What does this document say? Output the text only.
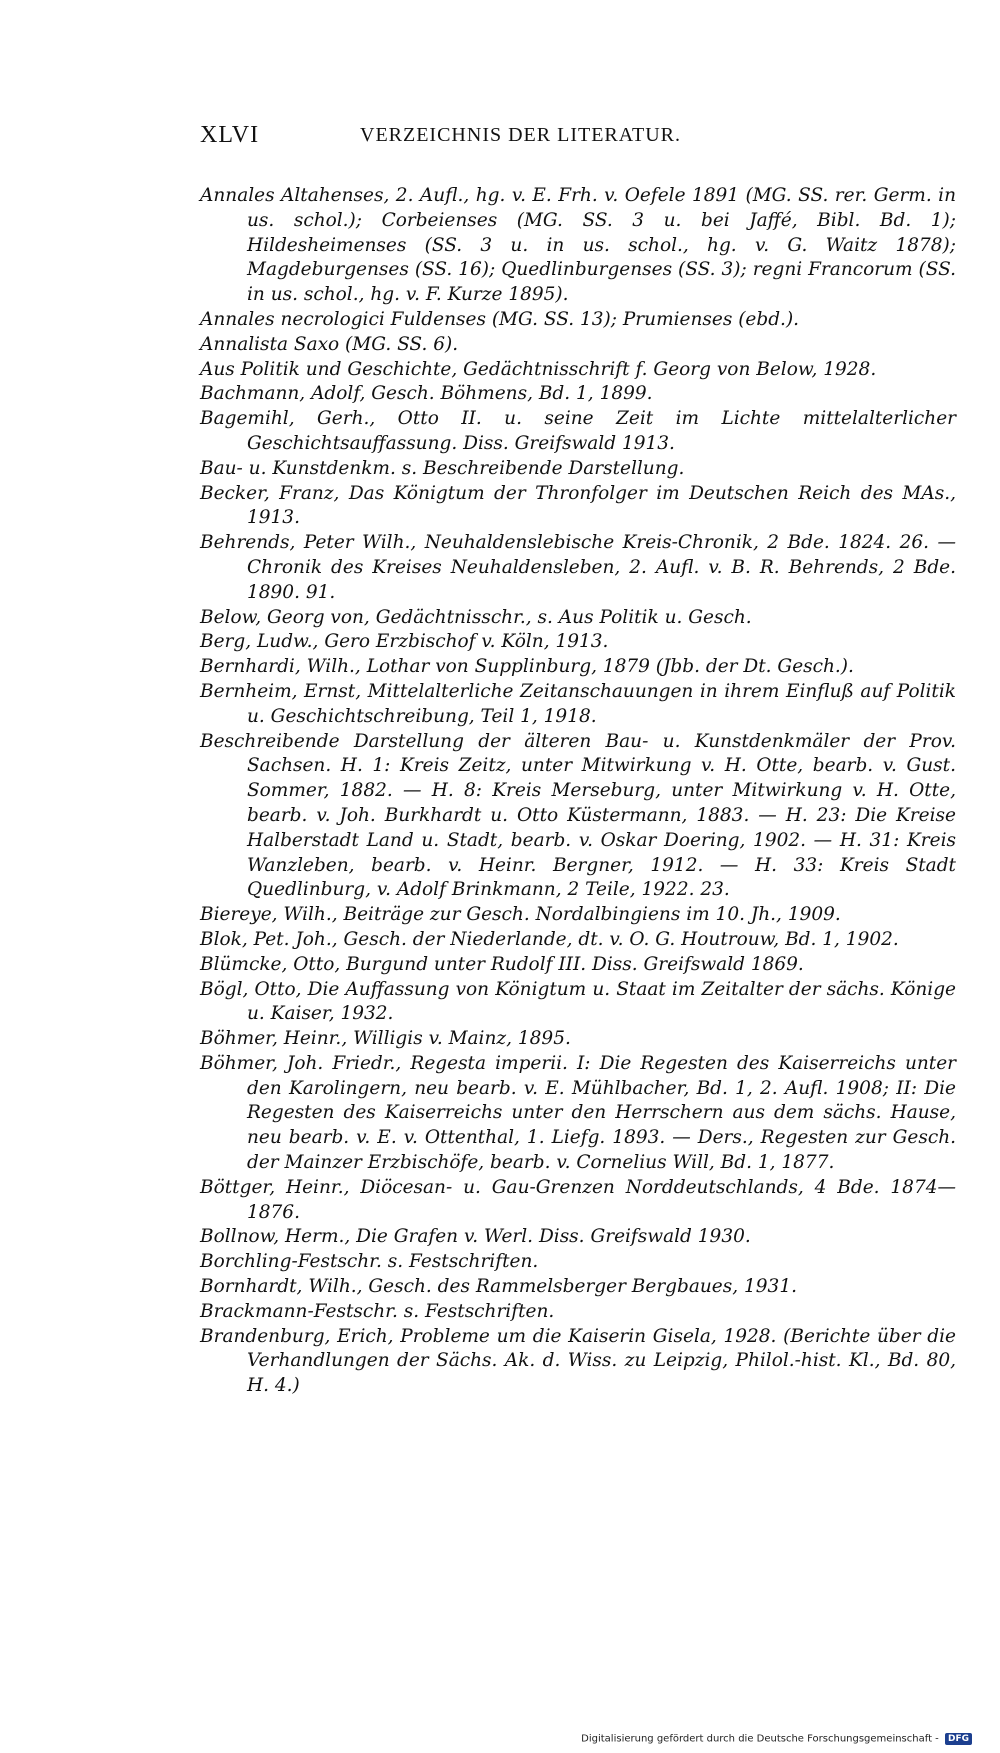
XLVI	VERZEICHNIS DER LITERATUR.

Annales Altahenses, 2. Aufl., hg. v. E. Frh. v. Oefele 1891 (MG. SS. rer. Germ. in us. schol.); Corbeienses (MG. SS. 3 u. bei Jaffé, Bibl. Bd. 1); Hildesheimenses (SS. 3 u. in us. schol., hg. v. G. Waitz 1878); Magdeburgenses (SS. 16); Quedlinburgenses (SS. 3); regni Francorum (SS. in us. schol., hg. v. F. Kurze 1895).

Annales necrologici Fuldenses (MG. SS. 13); Prumienses (ebd.).

Annalista Saxo (MG. SS. 6).

Aus Politik und Geschichte, Gedächtnisschrift f. Georg von Below, 1928.

Bachmann, Adolf, Gesch. Böhmens, Bd. 1, 1899.

Bagemihl, Gerh., Otto II. u. seine Zeit im Lichte mittelalterlicher Geschichtsauffassung. Diss. Greifswald 1913.

Bau- u. Kunstdenkm. s. Beschreibende Darstellung.

Becker, Franz, Das Königtum der Thronfolger im Deutschen Reich des MAs., 1913.

Behrends, Peter Wilh., Neuhaldenslebische Kreis-Chronik, 2 Bde. 1824. 26. — Chronik des Kreises Neuhaldensleben, 2. Aufl. v. B. R. Behrends, 2 Bde. 1890. 91.

Below, Georg von, Gedächtnisschr., s. Aus Politik u. Gesch.

Berg, Ludw., Gero Erzbischof v. Köln, 1913.

Bernhardi, Wilh., Lothar von Supplinburg, 1879 (Jbb. der Dt. Gesch.).

Bernheim, Ernst, Mittelalterliche Zeitanschauungen in ihrem Einfluß auf Politik u. Geschichtschreibung, Teil 1, 1918.

Beschreibende Darstellung der älteren Bau- u. Kunstdenkmäler der Prov. Sachsen. H. 1: Kreis Zeitz, unter Mitwirkung v. H. Otte, bearb. v. Gust. Sommer, 1882. — H. 8: Kreis Merseburg, unter Mitwirkung v. H. Otte, bearb. v. Joh. Burkhardt u. Otto Küstermann, 1883. — H. 23: Die Kreise Halberstadt Land u. Stadt, bearb. v. Oskar Doering, 1902. — H. 31: Kreis Wanzleben, bearb. v. Heinr. Bergner, 1912. — H. 33: Kreis Stadt Quedlinburg, v. Adolf Brinkmann, 2 Teile, 1922. 23.

Biereye, Wilh., Beiträge zur Gesch. Nordalbingiens im 10. Jh., 1909.

Blok, Pet. Joh., Gesch. der Niederlande, dt. v. O. G. Houtrouw, Bd. 1, 1902.

Blümcke, Otto, Burgund unter Rudolf III. Diss. Greifswald 1869.

Bögl, Otto, Die Auffassung von Königtum u. Staat im Zeitalter der sächs. Könige u. Kaiser, 1932.

Böhmer, Heinr., Willigis v. Mainz, 1895.

Böhmer, Joh. Friedr., Regesta imperii. I: Die Regesten des Kaiserreichs unter den Karolingern, neu bearb. v. E. Mühlbacher, Bd. 1, 2. Aufl. 1908; II: Die Regesten des Kaiserreichs unter den Herrschern aus dem sächs. Hause, neu bearb. v. E. v. Ottenthal, 1. Liefg. 1893. — Ders., Regesten zur Gesch. der Mainzer Erzbischöfe, bearb. v. Cornelius Will, Bd. 1, 1877.

Böttger, Heinr., Diöcesan- u. Gau-Grenzen Norddeutschlands, 4 Bde. 1874—1876.

Bollnow, Herm., Die Grafen v. Werl. Diss. Greifswald 1930.

Borchling-Festschr. s. Festschriften.

Bornhardt, Wilh., Gesch. des Rammelsberger Bergbaues, 1931.

Brackmann-Festschr. s. Festschriften.

Brandenburg, Erich, Probleme um die Kaiserin Gisela, 1928. (Berichte über die Verhandlungen der Sächs. Ak. d. Wiss. zu Leipzig, Philol.-hist. Kl., Bd. 80, H. 4.)

Digitalisierung gefördert durch die Deutsche Forschungsgemeinschaft - DFG
